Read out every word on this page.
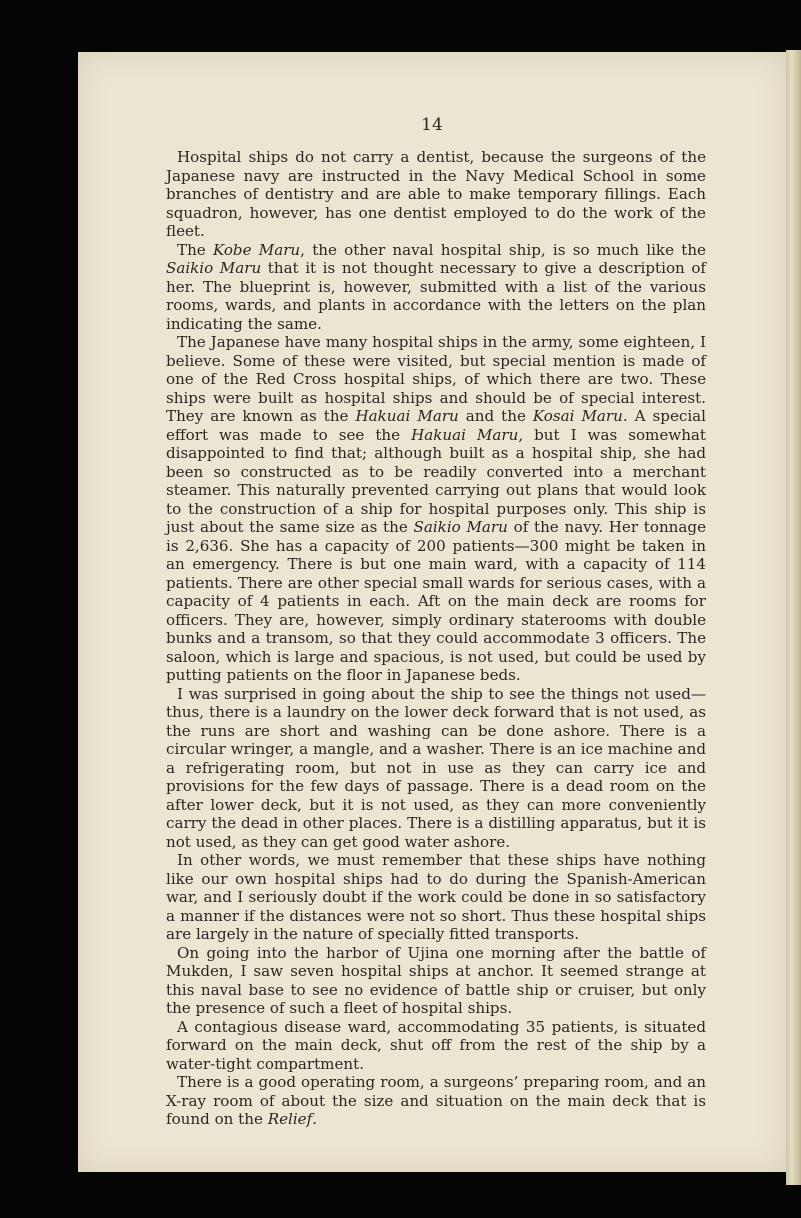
14

Hospital ships do not carry a dentist, because the surgeons of the Japanese navy are instructed in the Navy Medical School in some branches of dentistry and are able to make temporary fillings. Each squadron, however, has one dentist employed to do the work of the fleet.

The Kobe Maru, the other naval hospital ship, is so much like the Saikio Maru that it is not thought necessary to give a description of her. The blueprint is, however, submitted with a list of the various rooms, wards, and plants in accordance with the letters on the plan indicating the same.

The Japanese have many hospital ships in the army, some eighteen, I believe. Some of these were visited, but special mention is made of one of the Red Cross hospital ships, of which there are two. These ships were built as hospital ships and should be of special interest. They are known as the Hakuai Maru and the Kosai Maru. A special effort was made to see the Hakuai Maru, but I was somewhat disappointed to find that; although built as a hospital ship, she had been so constructed as to be readily converted into a merchant steamer. This naturally prevented carrying out plans that would look to the construction of a ship for hospital purposes only. This ship is just about the same size as the Saikio Maru of the navy. Her tonnage is 2,636. She has a capacity of 200 patients—300 might be taken in an emergency. There is but one main ward, with a capacity of 114 patients. There are other special small wards for serious cases, with a capacity of 4 patients in each. Aft on the main deck are rooms for officers. They are, however, simply ordinary staterooms with double bunks and a transom, so that they could accommodate 3 officers. The saloon, which is large and spacious, is not used, but could be used by putting patients on the floor in Japanese beds.

I was surprised in going about the ship to see the things not used—thus, there is a laundry on the lower deck forward that is not used, as the runs are short and washing can be done ashore. There is a circular wringer, a mangle, and a washer. There is an ice machine and a refrigerating room, but not in use as they can carry ice and provisions for the few days of passage. There is a dead room on the after lower deck, but it is not used, as they can more conveniently carry the dead in other places. There is a distilling apparatus, but it is not used, as they can get good water ashore.

In other words, we must remember that these ships have nothing like our own hospital ships had to do during the Spanish-American war, and I seriously doubt if the work could be done in so satisfactory a manner if the distances were not so short. Thus these hospital ships are largely in the nature of specially fitted transports.

On going into the harbor of Ujina one morning after the battle of Mukden, I saw seven hospital ships at anchor. It seemed strange at this naval base to see no evidence of battle ship or cruiser, but only the presence of such a fleet of hospital ships.

A contagious disease ward, accommodating 35 patients, is situated forward on the main deck, shut off from the rest of the ship by a water-tight compartment.

There is a good operating room, a surgeons’ preparing room, and an X-ray room of about the size and situation on the main deck that is found on the Relief.
